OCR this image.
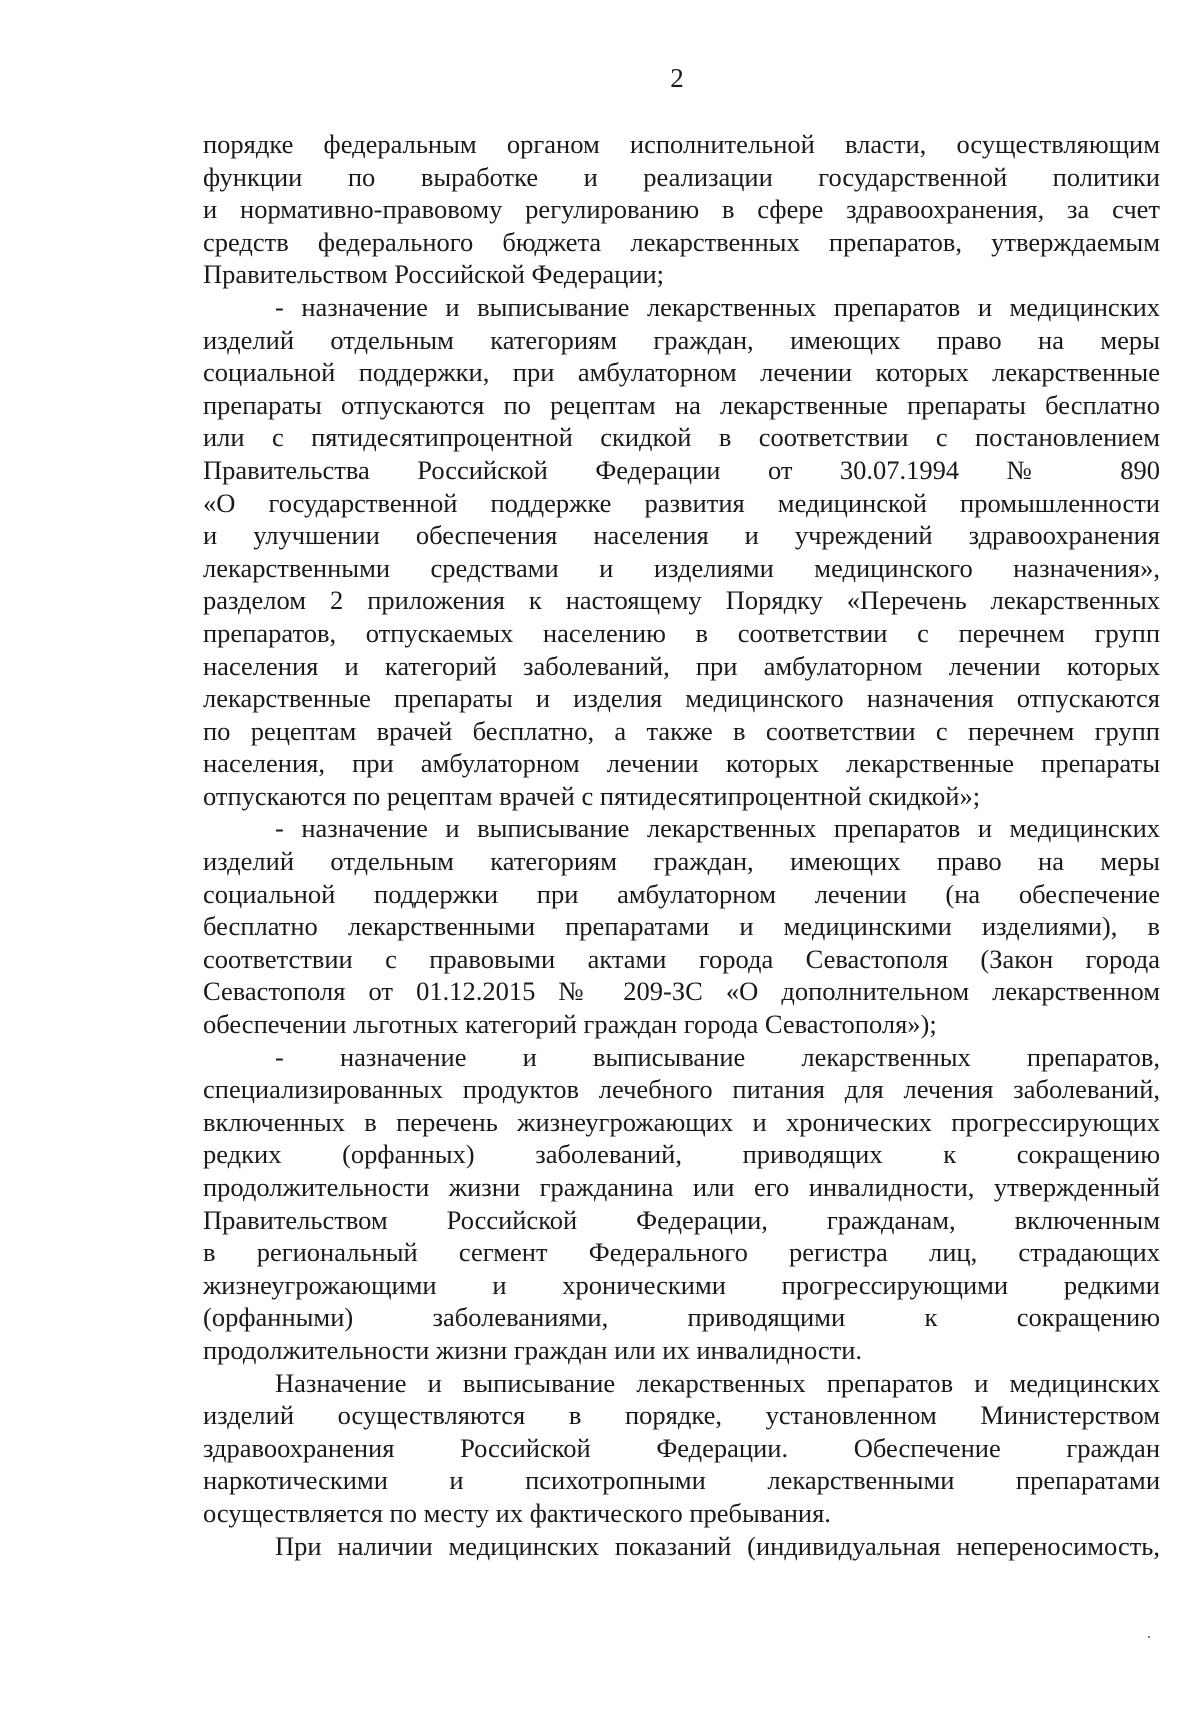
2
порядке федеральным органом исполнительной власти, осуществляющим
функции по выработке и реализации государственной политики
и нормативно-правовому регулированию в сфере здравоохранения, за счет
средств федерального бюджета лекарственных препаратов, утверждаемым
Правительством Российской Федерации;
- назначение и выписывание лекарственных препаратов и медицинских
изделий отдельным категориям граждан, имеющих право на меры
социальной поддержки, при амбулаторном лечении которых лекарственные
препараты отпускаются по рецептам на лекарственные препараты бесплатно
или с пятидесятипроцентной скидкой в соответствии с постановлением
Правительства Российской Федерации от 30.07.1994 № 890
«О государственной поддержке развития медицинской промышленности
и улучшении обеспечения населения и учреждений здравоохранения
лекарственными средствами и изделиями медицинского назначения»,
разделом 2 приложения к настоящему Порядку «Перечень лекарственных
препаратов, отпускаемых населению в соответствии с перечнем групп
населения и категорий заболеваний, при амбулаторном лечении которых
лекарственные препараты и изделия медицинского назначения отпускаются
по рецептам врачей бесплатно, а также в соответствии с перечнем групп
населения, при амбулаторном лечении которых лекарственные препараты
отпускаются по рецептам врачей с пятидесятипроцентной скидкой»;
- назначение и выписывание лекарственных препаратов и медицинских
изделий отдельным категориям граждан, имеющих право на меры
социальной поддержки при амбулаторном лечении (на обеспечение
бесплатно лекарственными препаратами и медицинскими изделиями), в
соответствии с правовыми актами города Севастополя (Закон города
Севастополя от 01.12.2015 № 209-ЗС «О дополнительном лекарственном
обеспечении льготных категорий граждан города Севастополя»);
- назначение и выписывание лекарственных препаратов,
специализированных продуктов лечебного питания для лечения заболеваний,
включенных в перечень жизнеугрожающих и хронических прогрессирующих
редких (орфанных) заболеваний, приводящих к сокращению
продолжительности жизни гражданина или его инвалидности, утвержденный
Правительством Российской Федерации, гражданам, включенным
в региональный сегмент Федерального регистра лиц, страдающих
жизнеугрожающими и хроническими прогрессирующими редкими
(орфанными) заболеваниями, приводящими к сокращению
продолжительности жизни граждан или их инвалидности.
Назначение и выписывание лекарственных препаратов и медицинских
изделий осуществляются в порядке, установленном Министерством
здравоохранения Российской Федерации. Обеспечение граждан
наркотическими и психотропными лекарственными препаратами
осуществляется по месту их фактического пребывания.
При наличии медицинских показаний (индивидуальная непереносимость,
